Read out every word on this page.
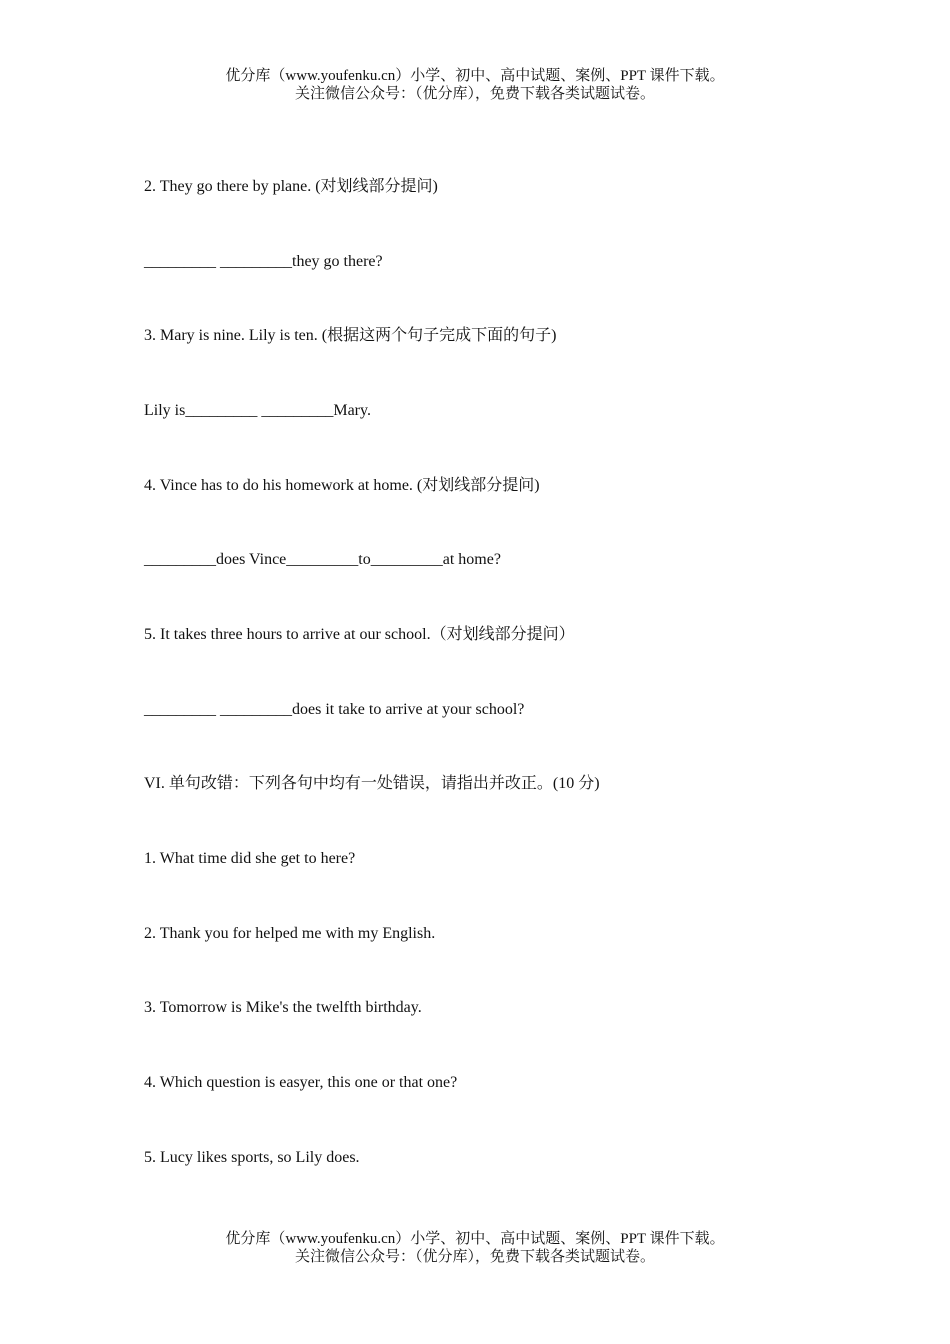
优分库（www.youfenku.cn）小学、初中、高中试题、案例、PPT 课件下载。
关注微信公众号：（优分库），免费下载各类试题试卷。
2. They go there by plane. (对划线部分提问)
_________ _________they go there?
3. Mary is nine. Lily is ten. (根据这两个句子完成下面的句子)
Lily is_________ _________Mary.
4. Vince has to do his homework at home. (对划线部分提问)
_________does Vince_________to_________at home?
5. It takes three hours to arrive at our school.（对划线部分提问）
_________ _________does it take to arrive at your school?
VI. 单句改错：下列各句中均有一处错误，请指出并改正。(10 分)
1. What time did she get to here?
2. Thank you for helped me with my English.
3. Tomorrow is Mike's the twelfth birthday.
4. Which question is easyer, this one or that one?
5. Lucy likes sports, so Lily does.
优分库（www.youfenku.cn）小学、初中、高中试题、案例、PPT 课件下载。
关注微信公众号：（优分库），免费下载各类试题试卷。
